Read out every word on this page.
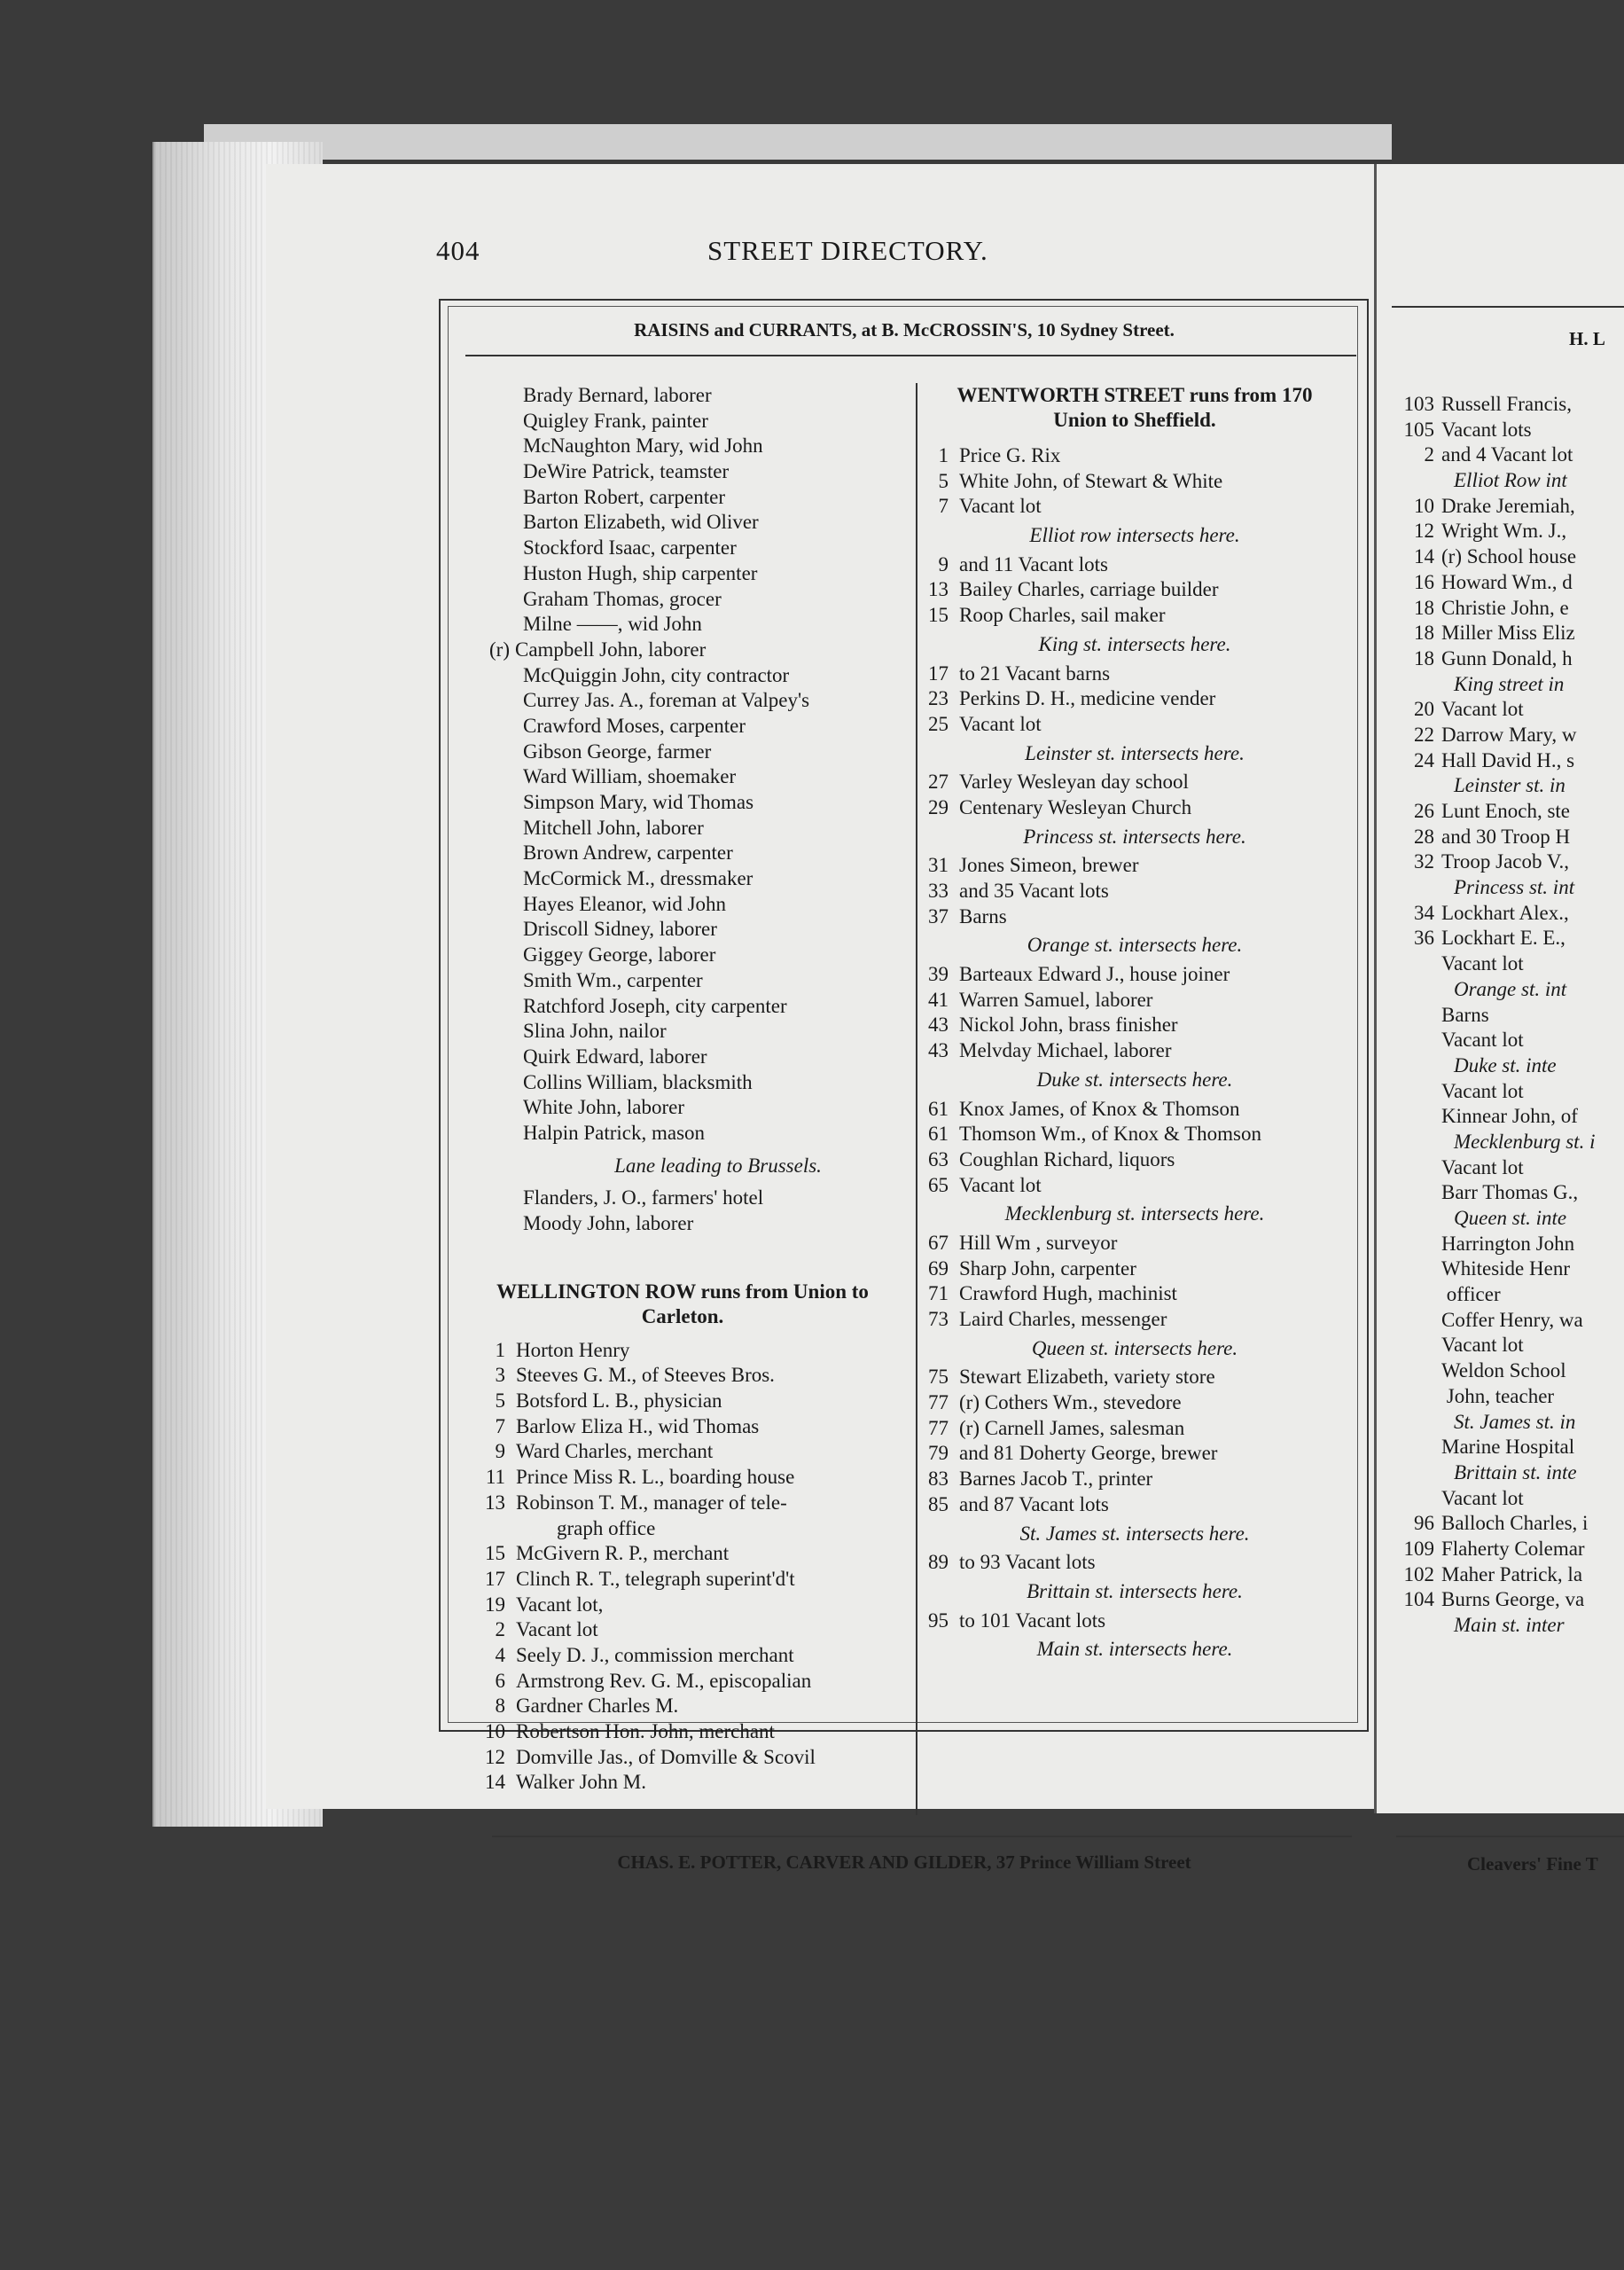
404	STREET DIRECTORY.
RAISINS and CURRANTS, at B. McCROSSIN'S, 10 Sydney Street.
CHAS. E. POTTER, CARVER AND GILDER, 37 Prince William Street
Brady Bernard, laborer
Quigley Frank, painter
McNaughton Mary, wid John
DeWire Patrick, teamster
Barton Robert, carpenter
Barton Elizabeth, wid Oliver
Stockford Isaac, carpenter
Huston Hugh, ship carpenter
Graham Thomas, grocer
Milne ——, wid John
(r) Campbell John, laborer
McQuiggin John, city contractor
Currey Jas. A., foreman at Valpey's
Crawford Moses, carpenter
Gibson George, farmer
Ward William, shoemaker
Simpson Mary, wid Thomas
Mitchell John, laborer
Brown Andrew, carpenter
McCormick M., dressmaker
Hayes Eleanor, wid John
Driscoll Sidney, laborer
Giggey George, laborer
Smith Wm., carpenter
Ratchford Joseph, city carpenter
Slina John, nailor
Quirk Edward, laborer
Collins William, blacksmith
White John, laborer
Halpin Patrick, mason
Lane leading to Brussels.
Flanders, J. O., farmers' hotel
Moody John, laborer
WELLINGTON ROW runs from Union to
Carleton.
1 Horton Henry
3 Steeves G. M., of Steeves Bros.
5 Botsford L. B., physician
7 Barlow Eliza H., wid Thomas
9 Ward Charles, merchant
11 Prince Miss R. L., boarding house
13 Robinson T. M., manager of tele-
graph office
15 McGivern R. P., merchant
17 Clinch R. T., telegraph superint'd't
19 Vacant lot,
2 Vacant lot
4 Seely D. J., commission merchant
6 Armstrong Rev. G. M., episcopalian
8 Gardner Charles M.
10 Robertson Hon. John, merchant
12 Domville Jas., of Domville & Scovil
14 Walker John M.
WENTWORTH STREET runs from 170
Union to Sheffield.
1 Price G. Rix
5 White John, of Stewart & White
7 Vacant lot
Elliot row intersects here.
9 and 11 Vacant lots
13 Bailey Charles, carriage builder
15 Roop Charles, sail maker
King st. intersects here.
17 to 21 Vacant barns
23 Perkins D. H., medicine vender
25 Vacant lot
Leinster st. intersects here.
27 Varley Wesleyan day school
29 Centenary Wesleyan Church
Princess st. intersects here.
31 Jones Simeon, brewer
33 and 35 Vacant lots
37 Barns
Orange st. intersects here.
39 Barteaux Edward J., house joiner
41 Warren Samuel, laborer
43 Nickol John, brass finisher
43 Melvday Michael, laborer
Duke st. intersects here.
61 Knox James, of Knox & Thomson
61 Thomson Wm., of Knox & Thomson
63 Coughlan Richard, liquors
65 Vacant lot
Mecklenburg st. intersects here.
67 Hill Wm , surveyor
69 Sharp John, carpenter
71 Crawford Hugh, machinist
73 Laird Charles, messenger
Queen st. intersects here.
75 Stewart Elizabeth, variety store
77 (r) Cothers Wm., stevedore
77 (r) Carnell James, salesman
79 and 81 Doherty George, brewer
83 Barnes Jacob T., printer
85 and 87 Vacant lots
St. James st. intersects here.
89 to 93 Vacant lots
Brittain st. intersects here.
95 to 101 Vacant lots
Main st. intersects here.
H. L
103 Russell Francis,
105 Vacant lots
2 and 4 Vacant lot
Elliot Row int
10 Drake Jeremiah,
12 Wright Wm. J.,
14 (r) School house
16 Howard Wm., d
18 Christie John, e
18 Miller Miss Eliz
18 Gunn Donald, h
King street in
20 Vacant lot
22 Darrow Mary, w
24 Hall David H., s
Leinster st. in
26 Lunt Enoch, ste
28 and 30 Troop H
32 Troop Jacob V.,
Princess st. int
34 Lockhart Alex.,
36 Lockhart E. E.,
Vacant lot
Orange st. int
Barns
Vacant lot
Duke st. inte
Vacant lot
Kinnear John, of
Mecklenburg st. i
Vacant lot
Barr Thomas G.,
Queen st. inte
Harrington John
Whiteside Henr
officer
Coffer Henry, wa
Vacant lot
Weldon School
John, teacher
St. James st. in
Marine Hospital
Brittain st. inte
Vacant lot
96 Balloch Charles, i
109 Flaherty Colemar
102 Maher Patrick, la
104 Burns George, va
Main st. inter
Cleavers' Fine T
